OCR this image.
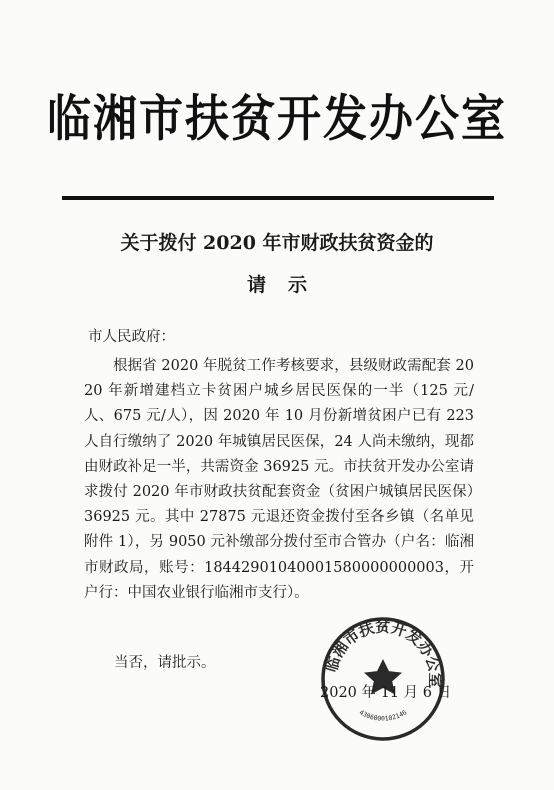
临湘市扶贫开发办公室
关于拨付 2020 年市财政扶贫资金的
请示
市人民政府：
根据省 2020 年脱贫工作考核要求，县级财政需配套 2020 年新增建档立卡贫困户城乡居民医保的一半（125 元/人、675 元/人），因 2020 年 10 月份新增贫困户已有 223 人自行缴纳了 2020 年城镇居民医保，24 人尚未缴纳，现都由财政补足一半，共需资金 36925 元。市扶贫开发办公室请求拨付 2020 年市财政扶贫配套资金（贫困户城镇居民医保）36925 元。其中 27875 元退还资金拨付至各乡镇（名单见附件 1），另 9050 元补缴部分拨付至市合管办（户名：临湘市财政局，账号：18442901040001580000000003，开户行：中国农业银行临湘市支行）。
当否，请批示。	临湘市扶贫开发办公室
4306000102146
2020 年 11 月 6 日
